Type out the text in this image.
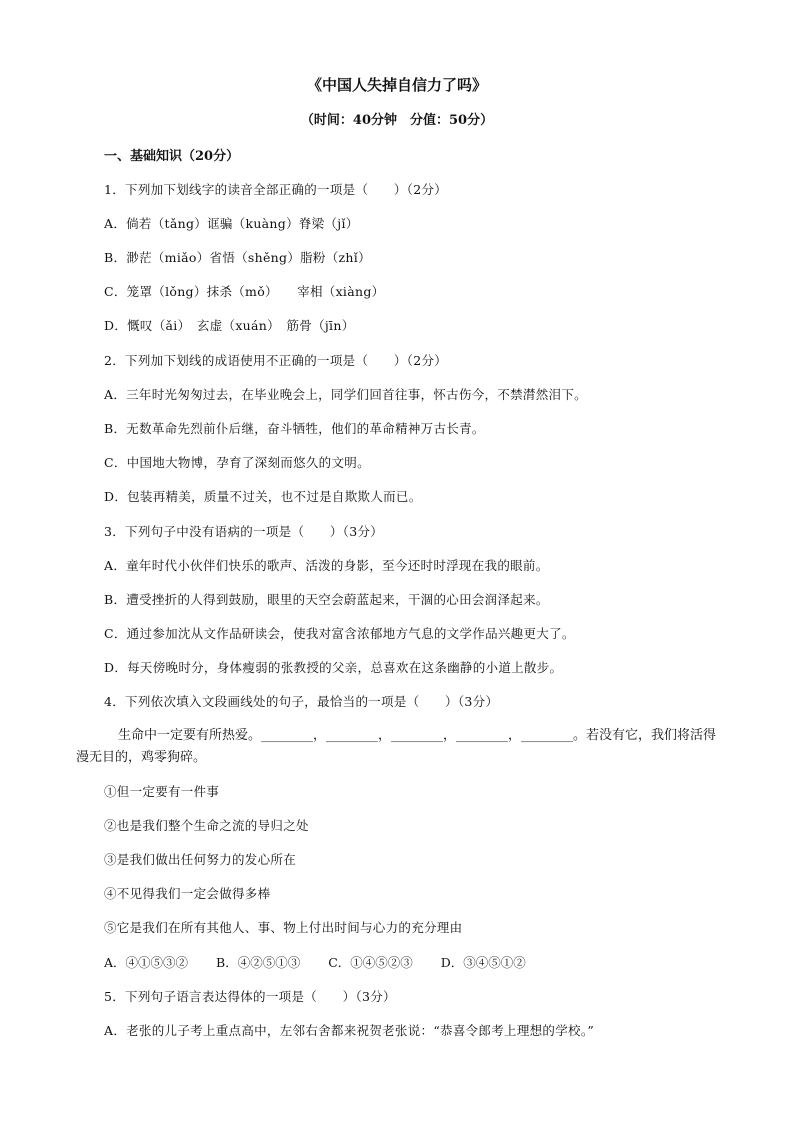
《中国人失掉自信力了吗》
（时间：40分钟　分值：50分）
一、基础知识（20分）
1．下列加下划线字的读音全部正确的一项是（　　）（2分）
A．倘若（tǎng）诓骗（kuàng）脊梁（jǐ）
B．渺茫（miǎo）省悟（shěng）脂粉（zhǐ）
C．笼罩（lǒng）抹杀（mǒ）　　宰相（xiàng）
D．慨叹（ǎi）　玄虚（xuán）　筋骨（jīn）
2．下列加下划线的成语使用不正确的一项是（　　）（2分）
A．三年时光匆匆过去，在毕业晚会上，同学们回首往事，怀古伤今，不禁潸然泪下。
B．无数革命先烈前仆后继，奋斗牺牲，他们的革命精神万古长青。
C．中国地大物博，孕育了深刻而悠久的文明。
D．包装再精美，质量不过关，也不过是自欺欺人而已。
3．下列句子中没有语病的一项是（　　）（3分）
A．童年时代小伙伴们快乐的歌声、活泼的身影，至今还时时浮现在我的眼前。
B．遭受挫折的人得到鼓励，眼里的天空会蔚蓝起来，干涸的心田会润泽起来。
C．通过参加沈从文作品研读会，使我对富含浓郁地方气息的文学作品兴趣更大了。
D．每天傍晚时分，身体瘦弱的张教授的父亲，总喜欢在这条幽静的小道上散步。
4．下列依次填入文段画线处的句子，最恰当的一项是（　　）（3分）
生命中一定要有所热爱。________，________，________，________，________。若没有它，我们将活得漫无目的，鸡零狗碎。
①但一定要有一件事
②也是我们整个生命之流的导归之处
③是我们做出任何努力的发心所在
④不见得我们一定会做得多棒
⑤它是我们在所有其他人、事、物上付出时间与心力的充分理由
A．④①⑤③② B．④②⑤①③ C．①④⑤②③ D．③④⑤①②
5．下列句子语言表达得体的一项是（　　）（3分）
A．老张的儿子考上重点高中，左邻右舍都来祝贺老张说：“恭喜令郎考上理想的学校。”
